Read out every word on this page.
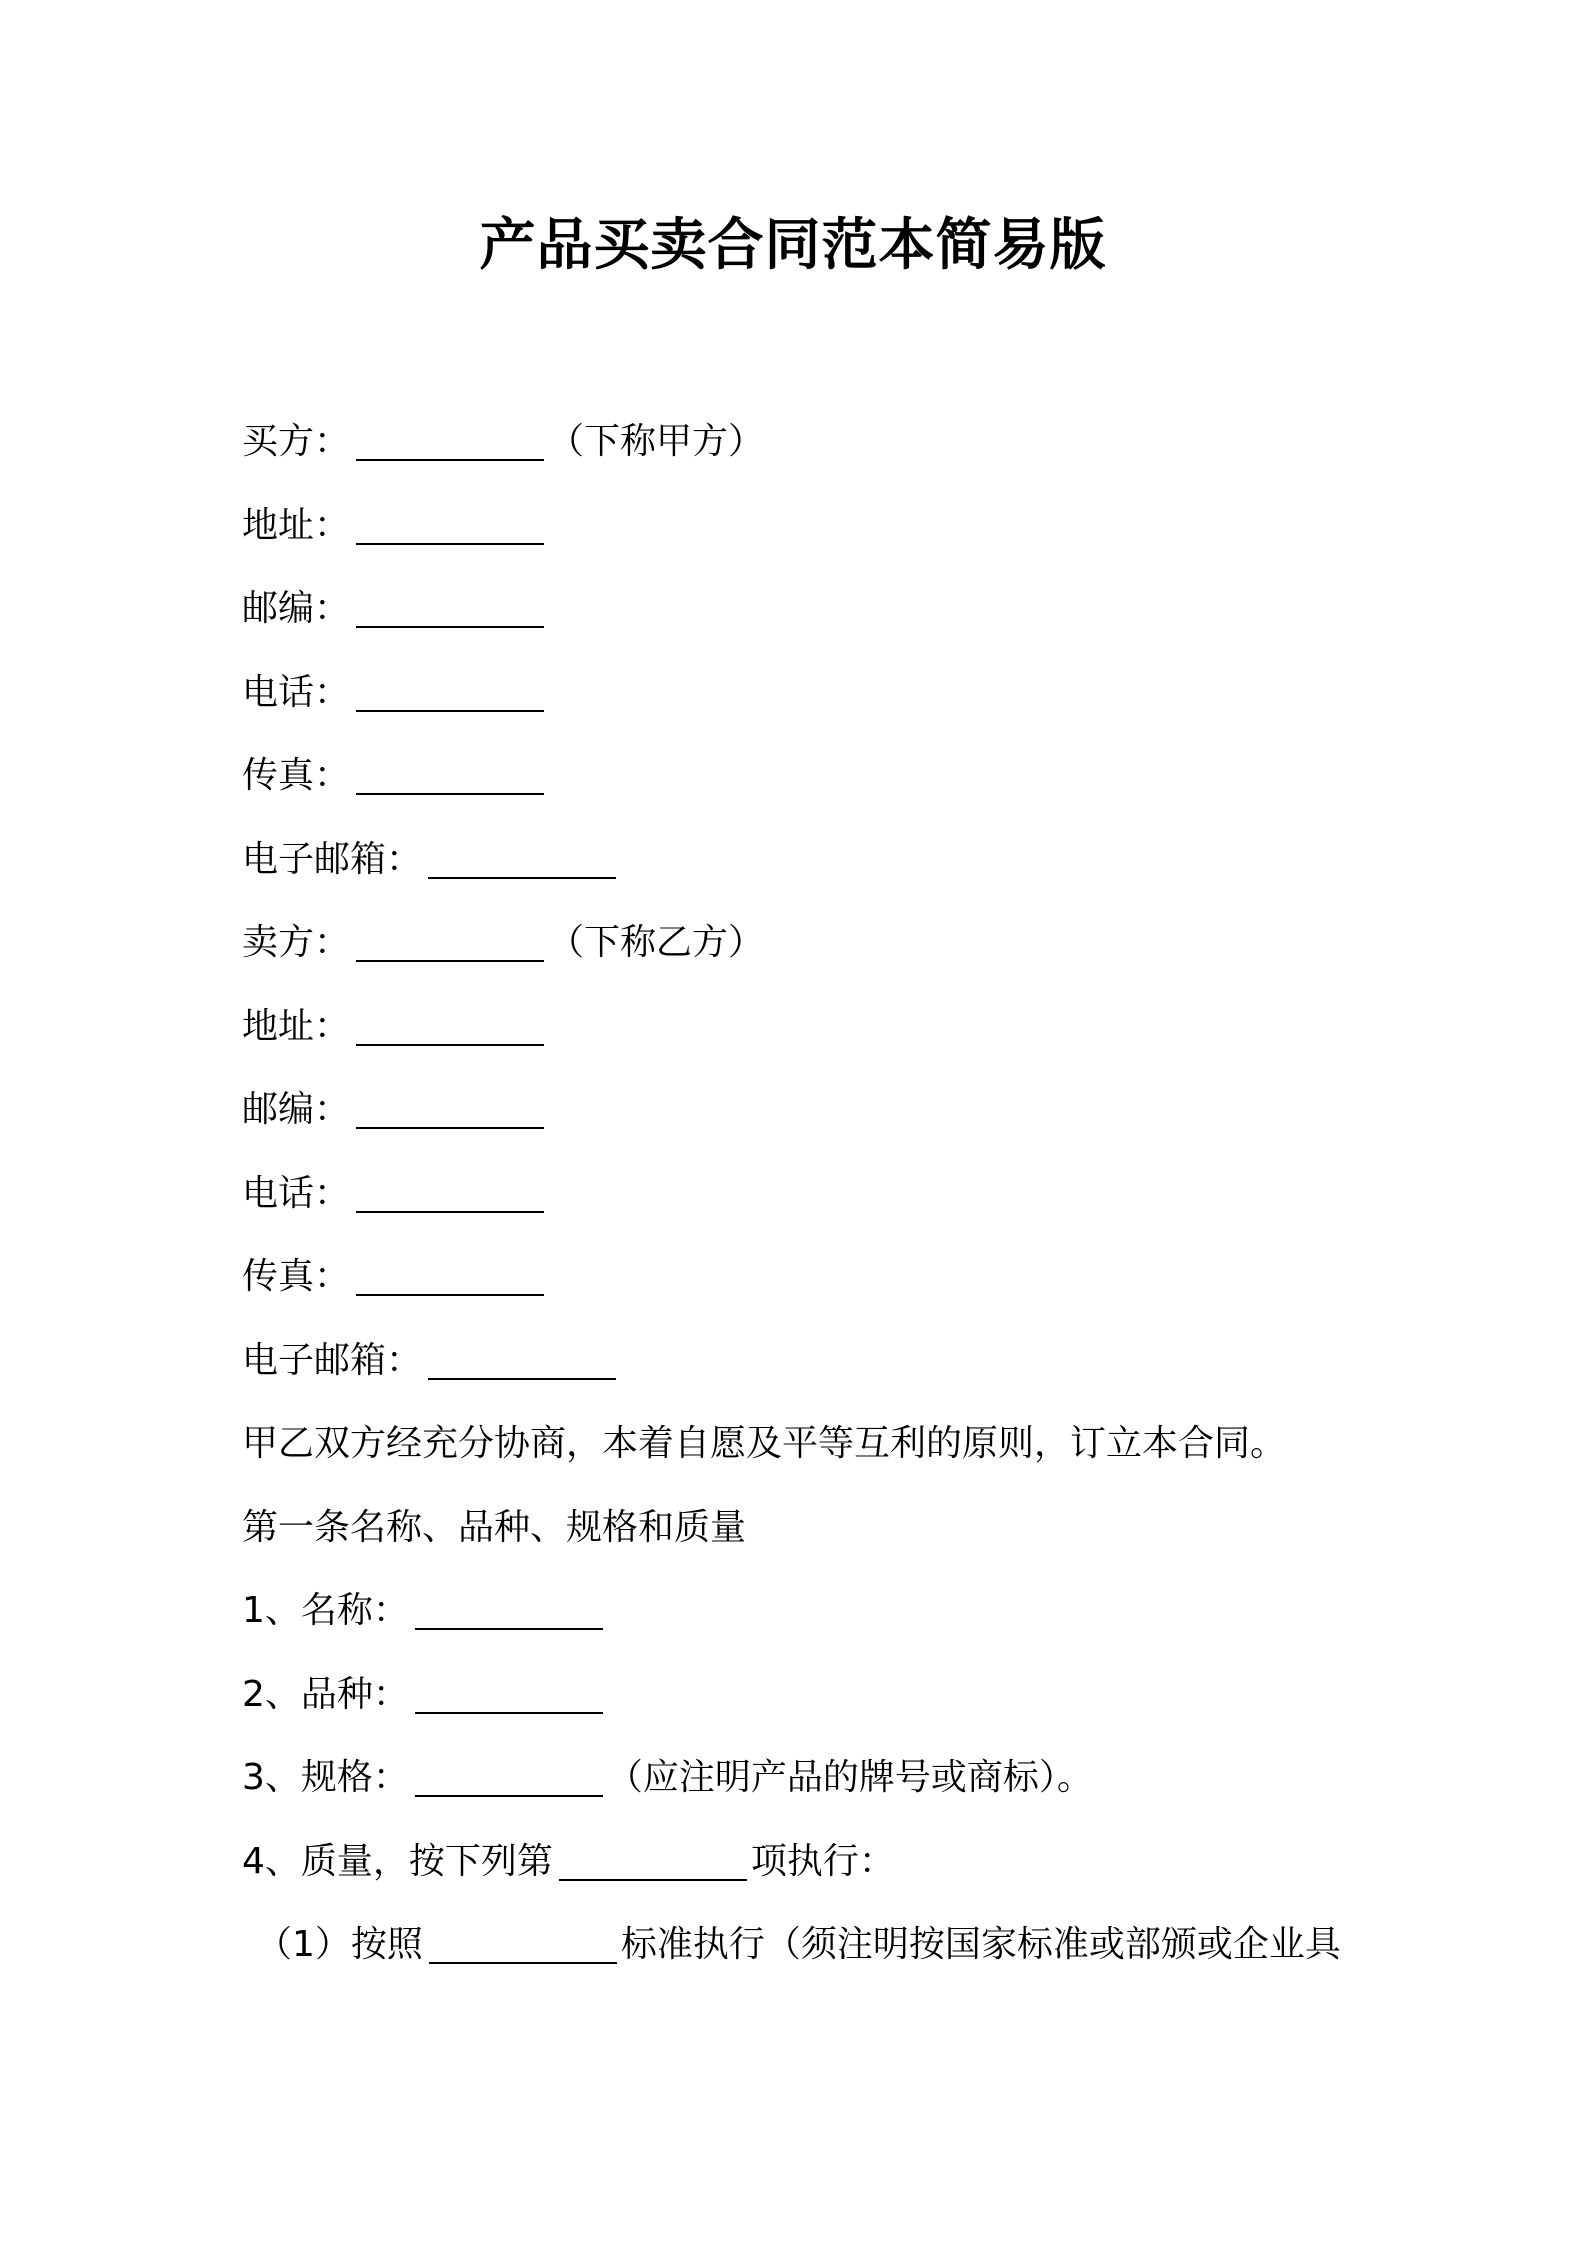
产品买卖合同范本简易版
买方：	（下称甲方）
地址：
邮编：
电话：
传真：
电子邮箱：
卖方：	（下称乙方）
地址：
邮编：
电话：
传真：
电子邮箱：
甲乙双方经充分协商，本着自愿及平等互利的原则，订立本合同。
第一条名称、品种、规格和质量
1、名称：
2、品种：
3、规格：	（应注明产品的牌号或商标）。
4、质量，按下列第	项执行：
（1）按照	标准执行（须注明按国家标准或部颁或企业具
